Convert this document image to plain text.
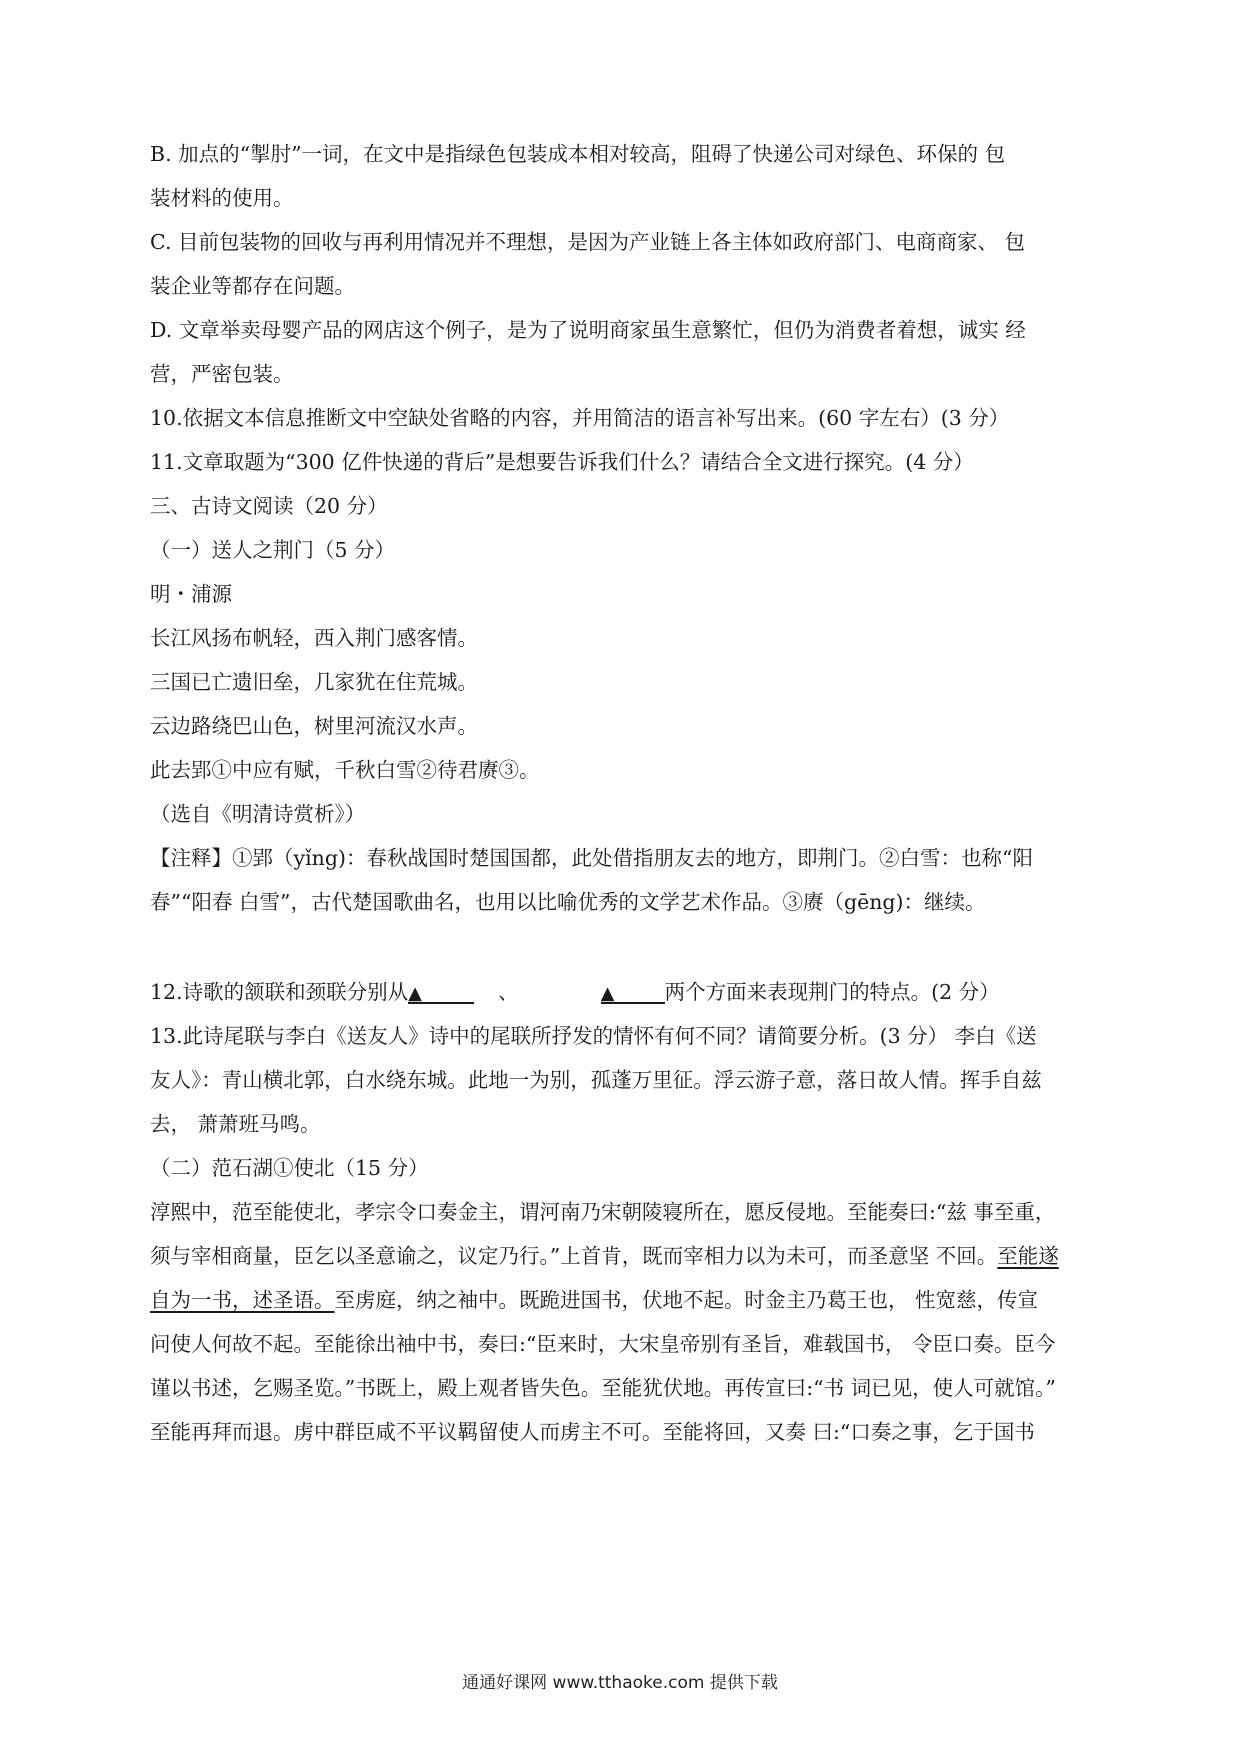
B. 加点的“掣肘”一词，在文中是指绿色包装成本相对较高，阻碍了快递公司对绿色、环保的 包
装材料的使用。
C. 目前包装物的回收与再利用情况并不理想，是因为产业链上各主体如政府部门、电商商家、 包
装企业等都存在问题。
D. 文章举卖母婴产品的网店这个例子，是为了说明商家虽生意繁忙，但仍为消费者着想，诚实 经
营，严密包装。
10.依据文本信息推断文中空缺处省略的内容，并用简洁的语言补写出来。(60 字左右）(3 分）
11.文章取题为“300 亿件快递的背后”是想要告诉我们什么？请结合全文进行探究。(4 分）
三、古诗文阅读（20 分）
（一）送人之荆门（5 分）
明・浦源
长江风扬布帆轻，西入荆门感客情。
三国已亡遗旧垒，几家犹在住荒城。
云边路绕巴山色，树里河流汉水声。
此去郢①中应有赋，千秋白雪②待君赓③。
（选自《明清诗赏析》）
【注释】①郢（yǐng)：春秋战国时楚国国都，此处借指朋友去的地方，即荆门。②白雪：也称“阳
春”“阳春 白雪”，古代楚国歌曲名，也用以比喻优秀的文学艺术作品。③赓（gēng)：继续。
12.诗歌的颔联和颈联分别从▲	、	▲ 两个方面来表现荆门的特点。(2 分）
13.此诗尾联与李白《送友人》诗中的尾联所抒发的情怀有何不同？请简要分析。(3 分） 李白《送
友人》：青山横北郭，白水绕东城。此地一为别，孤蓬万里征。浮云游子意，落日故人情。挥手自兹
去， 萧萧班马鸣。
（二）范石湖①使北（15 分）
淳熙中，范至能使北，孝宗令口奏金主，谓河南乃宋朝陵寝所在，愿反侵地。至能奏曰:“兹 事至重，
须与宰相商量，臣乞以圣意谕之，议定乃行。”上首肯，既而宰相力以为未可，而圣意坚 不回。至能遂
自为一书，述圣语。至虏庭，纳之袖中。既跪进国书，伏地不起。时金主乃葛王也， 性宽慈，传宣
问使人何故不起。至能徐出袖中书，奏曰:“臣来时，大宋皇帝别有圣旨，难载国书， 令臣口奏。臣今
谨以书述，乞赐圣览。”书既上，殿上观者皆失色。至能犹伏地。再传宣曰:“书 词已见，使人可就馆。”
至能再拜而退。虏中群臣咸不平议羁留使人而虏主不可。至能将回，又奏 曰:“口奏之事，乞于国书
通通好课网 www.tthaoke.com 提供下载
